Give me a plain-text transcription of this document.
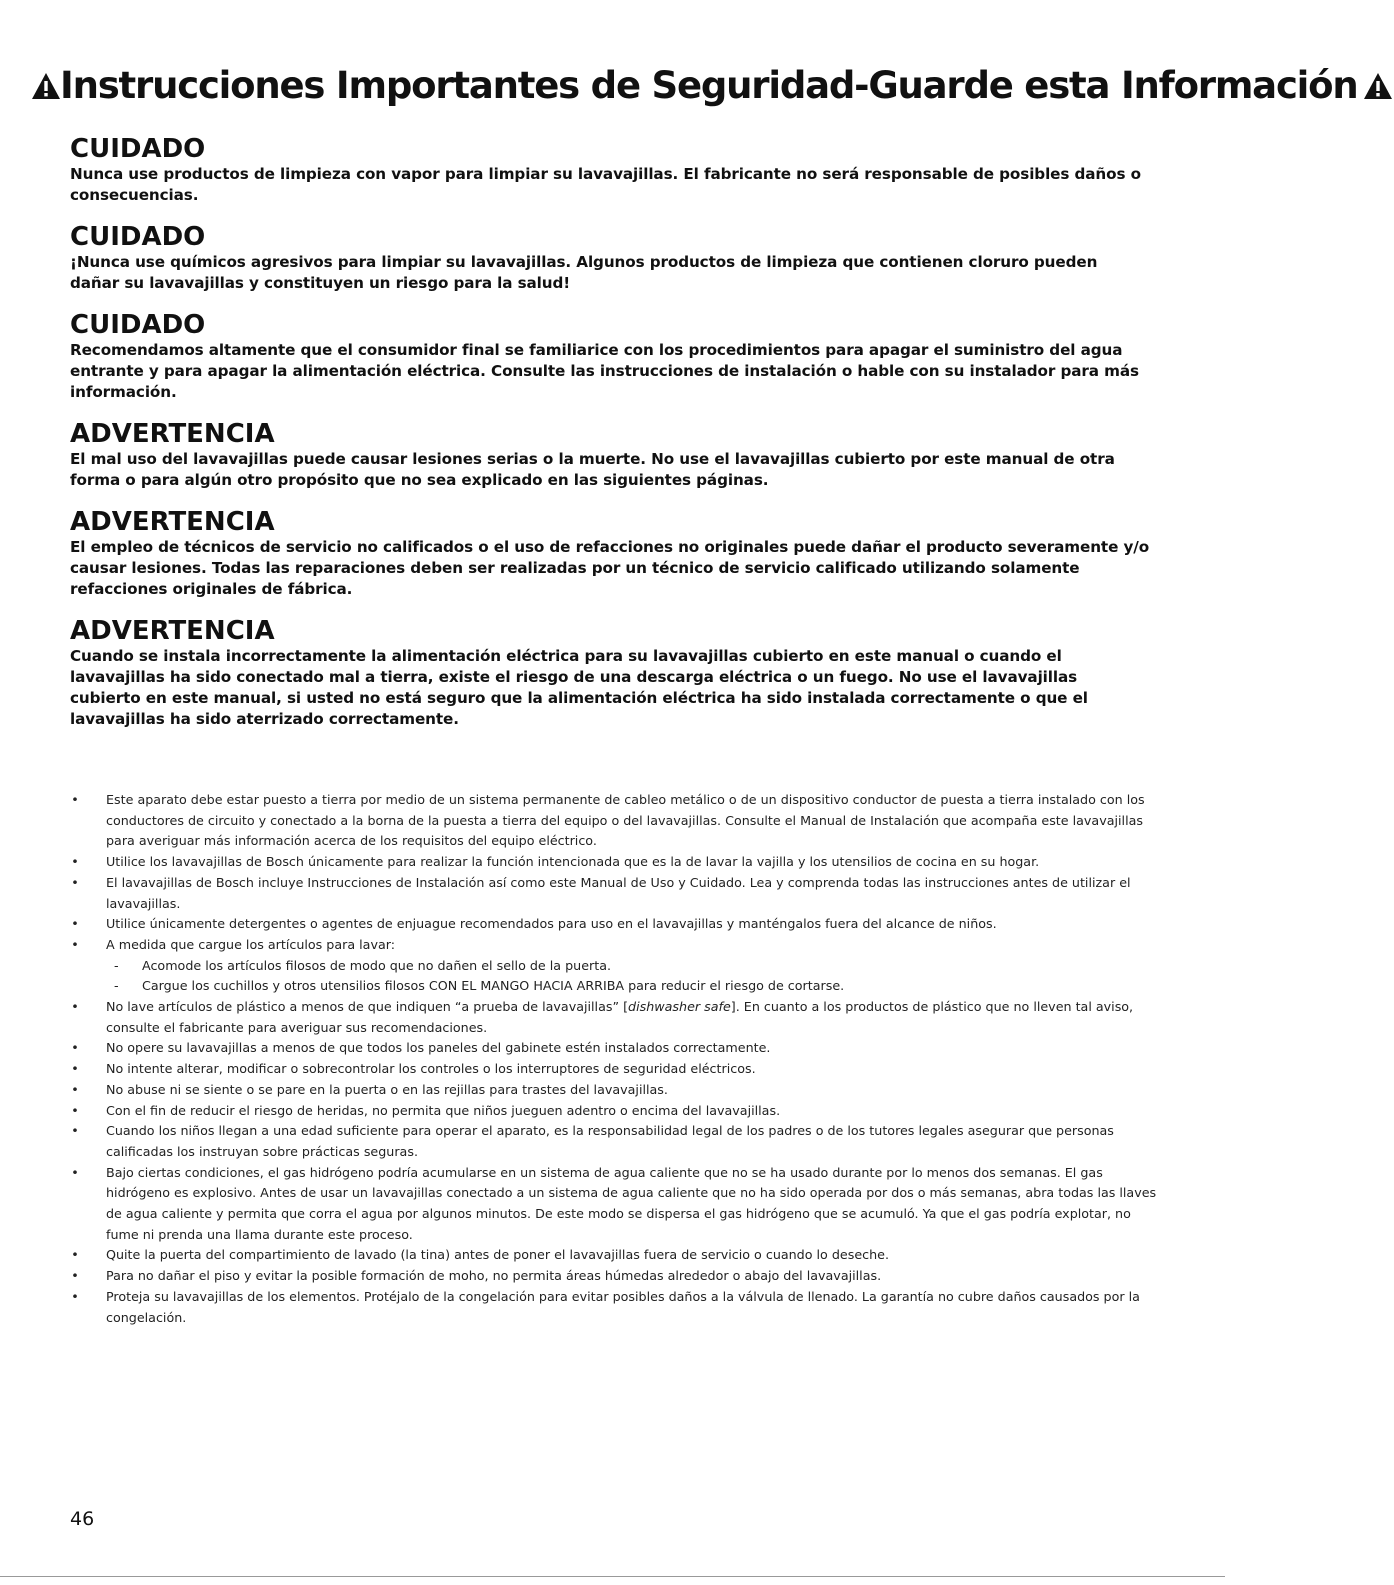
Instrucciones Importantes de Seguridad-Guarde esta Información
CUIDADO

Nunca use productos de limpieza con vapor para limpiar su lavavajillas. El fabricante no será responsable de posibles daños o consecuencias.

CUIDADO

¡Nunca use químicos agresivos para limpiar su lavavajillas. Algunos productos de limpieza que contienen cloruro pueden dañar su lavavajillas y constituyen un riesgo para la salud!

CUIDADO

Recomendamos altamente que el consumidor final se familiarice con los procedimientos para apagar el suministro del agua entrante y para apagar la alimentación eléctrica. Consulte las instrucciones de instalación o hable con su instalador para más información.

ADVERTENCIA

El mal uso del lavavajillas puede causar lesiones serias o la muerte. No use el lavavajillas cubierto por este manual de otra forma o para algún otro propósito que no sea explicado en las siguientes páginas.

ADVERTENCIA

El empleo de técnicos de servicio no calificados o el uso de refacciones no originales puede dañar el producto severamente y/o causar lesiones. Todas las reparaciones deben ser realizadas por un técnico de servicio calificado utilizando solamente refacciones originales de fábrica.

ADVERTENCIA

Cuando se instala incorrectamente la alimentación eléctrica para su lavavajillas cubierto en este manual o cuando el lavavajillas ha sido conectado mal a tierra, existe el riesgo de una descarga eléctrica o un fuego. No use el lavavajillas cubierto en este manual, si usted no está seguro que la alimentación eléctrica ha sido instalada correctamente o que el lavavajillas ha sido aterrizado correctamente.

• Este aparato debe estar puesto a tierra por medio de un sistema permanente de cableo metálico o de un dispositivo conductor de puesta a tierra instalado con los conductores de circuito y conectado a la borna de la puesta a tierra del equipo o del lavavajillas. Consulte el Manual de Instalación que acompaña este lavavajillas para averiguar más información acerca de los requisitos del equipo eléctrico.
• Utilice los lavavajillas de Bosch únicamente para realizar la función intencionada que es la de lavar la vajilla y los utensilios de cocina en su hogar.
• El lavavajillas de Bosch incluye Instrucciones de Instalación así como este Manual de Uso y Cuidado. Lea y comprenda todas las instrucciones antes de utilizar el lavavajillas.
• Utilice únicamente detergentes o agentes de enjuague recomendados para uso en el lavavajillas y manténgalos fuera del alcance de niños.
• A medida que cargue los artículos para lavar:
- Acomode los artículos filosos de modo que no dañen el sello de la puerta.
- Cargue los cuchillos y otros utensilios filosos CON EL MANGO HACIA ARRIBA para reducir el riesgo de cortarse.
• No lave artículos de plástico a menos de que indiquen “a prueba de lavavajillas” [dishwasher safe]. En cuanto a los productos de plástico que no lleven tal aviso, consulte el fabricante para averiguar sus recomendaciones.
• No opere su lavavajillas a menos de que todos los paneles del gabinete estén instalados correctamente.
• No intente alterar, modificar o sobrecontrolar los controles o los interruptores de seguridad eléctricos.
• No abuse ni se siente o se pare en la puerta o en las rejillas para trastes del lavavajillas.
• Con el fin de reducir el riesgo de heridas, no permita que niños jueguen adentro o encima del lavavajillas.
• Cuando los niños llegan a una edad suficiente para operar el aparato, es la responsabilidad legal de los padres o de los tutores legales asegurar que personas calificadas los instruyan sobre prácticas seguras.
• Bajo ciertas condiciones, el gas hidrógeno podría acumularse en un sistema de agua caliente que no se ha usado durante por lo menos dos semanas. El gas hidrógeno es explosivo. Antes de usar un lavavajillas conectado a un sistema de agua caliente que no ha sido operada por dos o más semanas, abra todas las llaves de agua caliente y permita que corra el agua por algunos minutos. De este modo se dispersa el gas hidrógeno que se acumuló. Ya que el gas podría explotar, no fume ni prenda una llama durante este proceso.
• Quite la puerta del compartimiento de lavado (la tina) antes de poner el lavavajillas fuera de servicio o cuando lo deseche.
• Para no dañar el piso y evitar la posible formación de moho, no permita áreas húmedas alrededor o abajo del lavavajillas.
• Proteja su lavavajillas de los elementos. Protéjalo de la congelación para evitar posibles daños a la válvula de llenado. La garantía no cubre daños causados por la congelación.
46
